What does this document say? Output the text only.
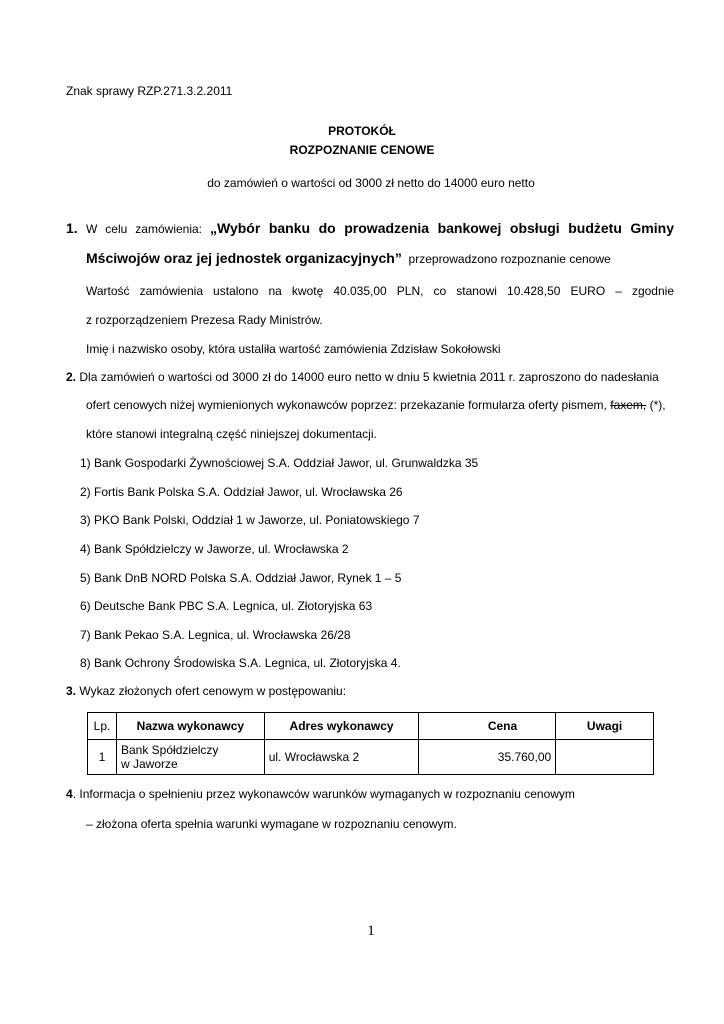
Znak sprawy RZP.271.3.2.2011
PROTOKÓŁ
ROZPOZNANIE CENOWE
do zamówień o wartości od 3000 zł netto do 14000 euro netto
1. W celu zamówienia: „Wybór banku do prowadzenia bankowej obsługi budżetu Gminy
Mściwojów oraz jej jednostek organizacyjnych” przeprowadzono rozpoznanie cenowe
Wartość zamówienia ustalono na kwotę 40.035,00 PLN, co stanowi 10.428,50 EURO – zgodnie
z rozporządzeniem Prezesa Rady Ministrów.
Imię i nazwisko osoby, która ustaliła wartość zamówienia Zdzisław Sokołowski
2. Dla zamówień o wartości od 3000 zł do 14000 euro netto w dniu 5 kwietnia 2011 r. zaproszono do nadesłania
ofert cenowych niżej wymienionych wykonawców poprzez: przekazanie formularza oferty pismem, faxem, (*),
które stanowi integralną część niniejszej dokumentacji.
1) Bank Gospodarki Żywnościowej S.A. Oddział Jawor, ul. Grunwaldzka 35
2) Fortis Bank Polska S.A. Oddział Jawor, ul. Wrocławska 26
3) PKO Bank Polski, Oddział 1 w Jaworze, ul. Poniatowskiego 7
4) Bank Spółdzielczy w Jaworze, ul. Wrocławska 2
5) Bank DnB NORD Polska S.A. Oddział Jawor, Rynek 1 – 5
6) Deutsche Bank PBC S.A. Legnica, ul. Złotoryjska 63
7) Bank Pekao S.A. Legnica, ul. Wrocławska 26/28
8) Bank Ochrony Środowiska S.A. Legnica, ul. Złotoryjska 4.
3. Wykaz złożonych ofert cenowym w postępowaniu:
Lp.	Nazwa wykonawcy	Adres wykonawcy	Cena	Uwagi
1	Bank Spółdzielczy
w Jaworze	ul. Wrocławska 2	35.760,00	
4. Informacja o spełnieniu przez wykonawców warunków wymaganych w rozpoznaniu cenowym
– złożona oferta spełnia warunki wymagane w rozpoznaniu cenowym.
1
